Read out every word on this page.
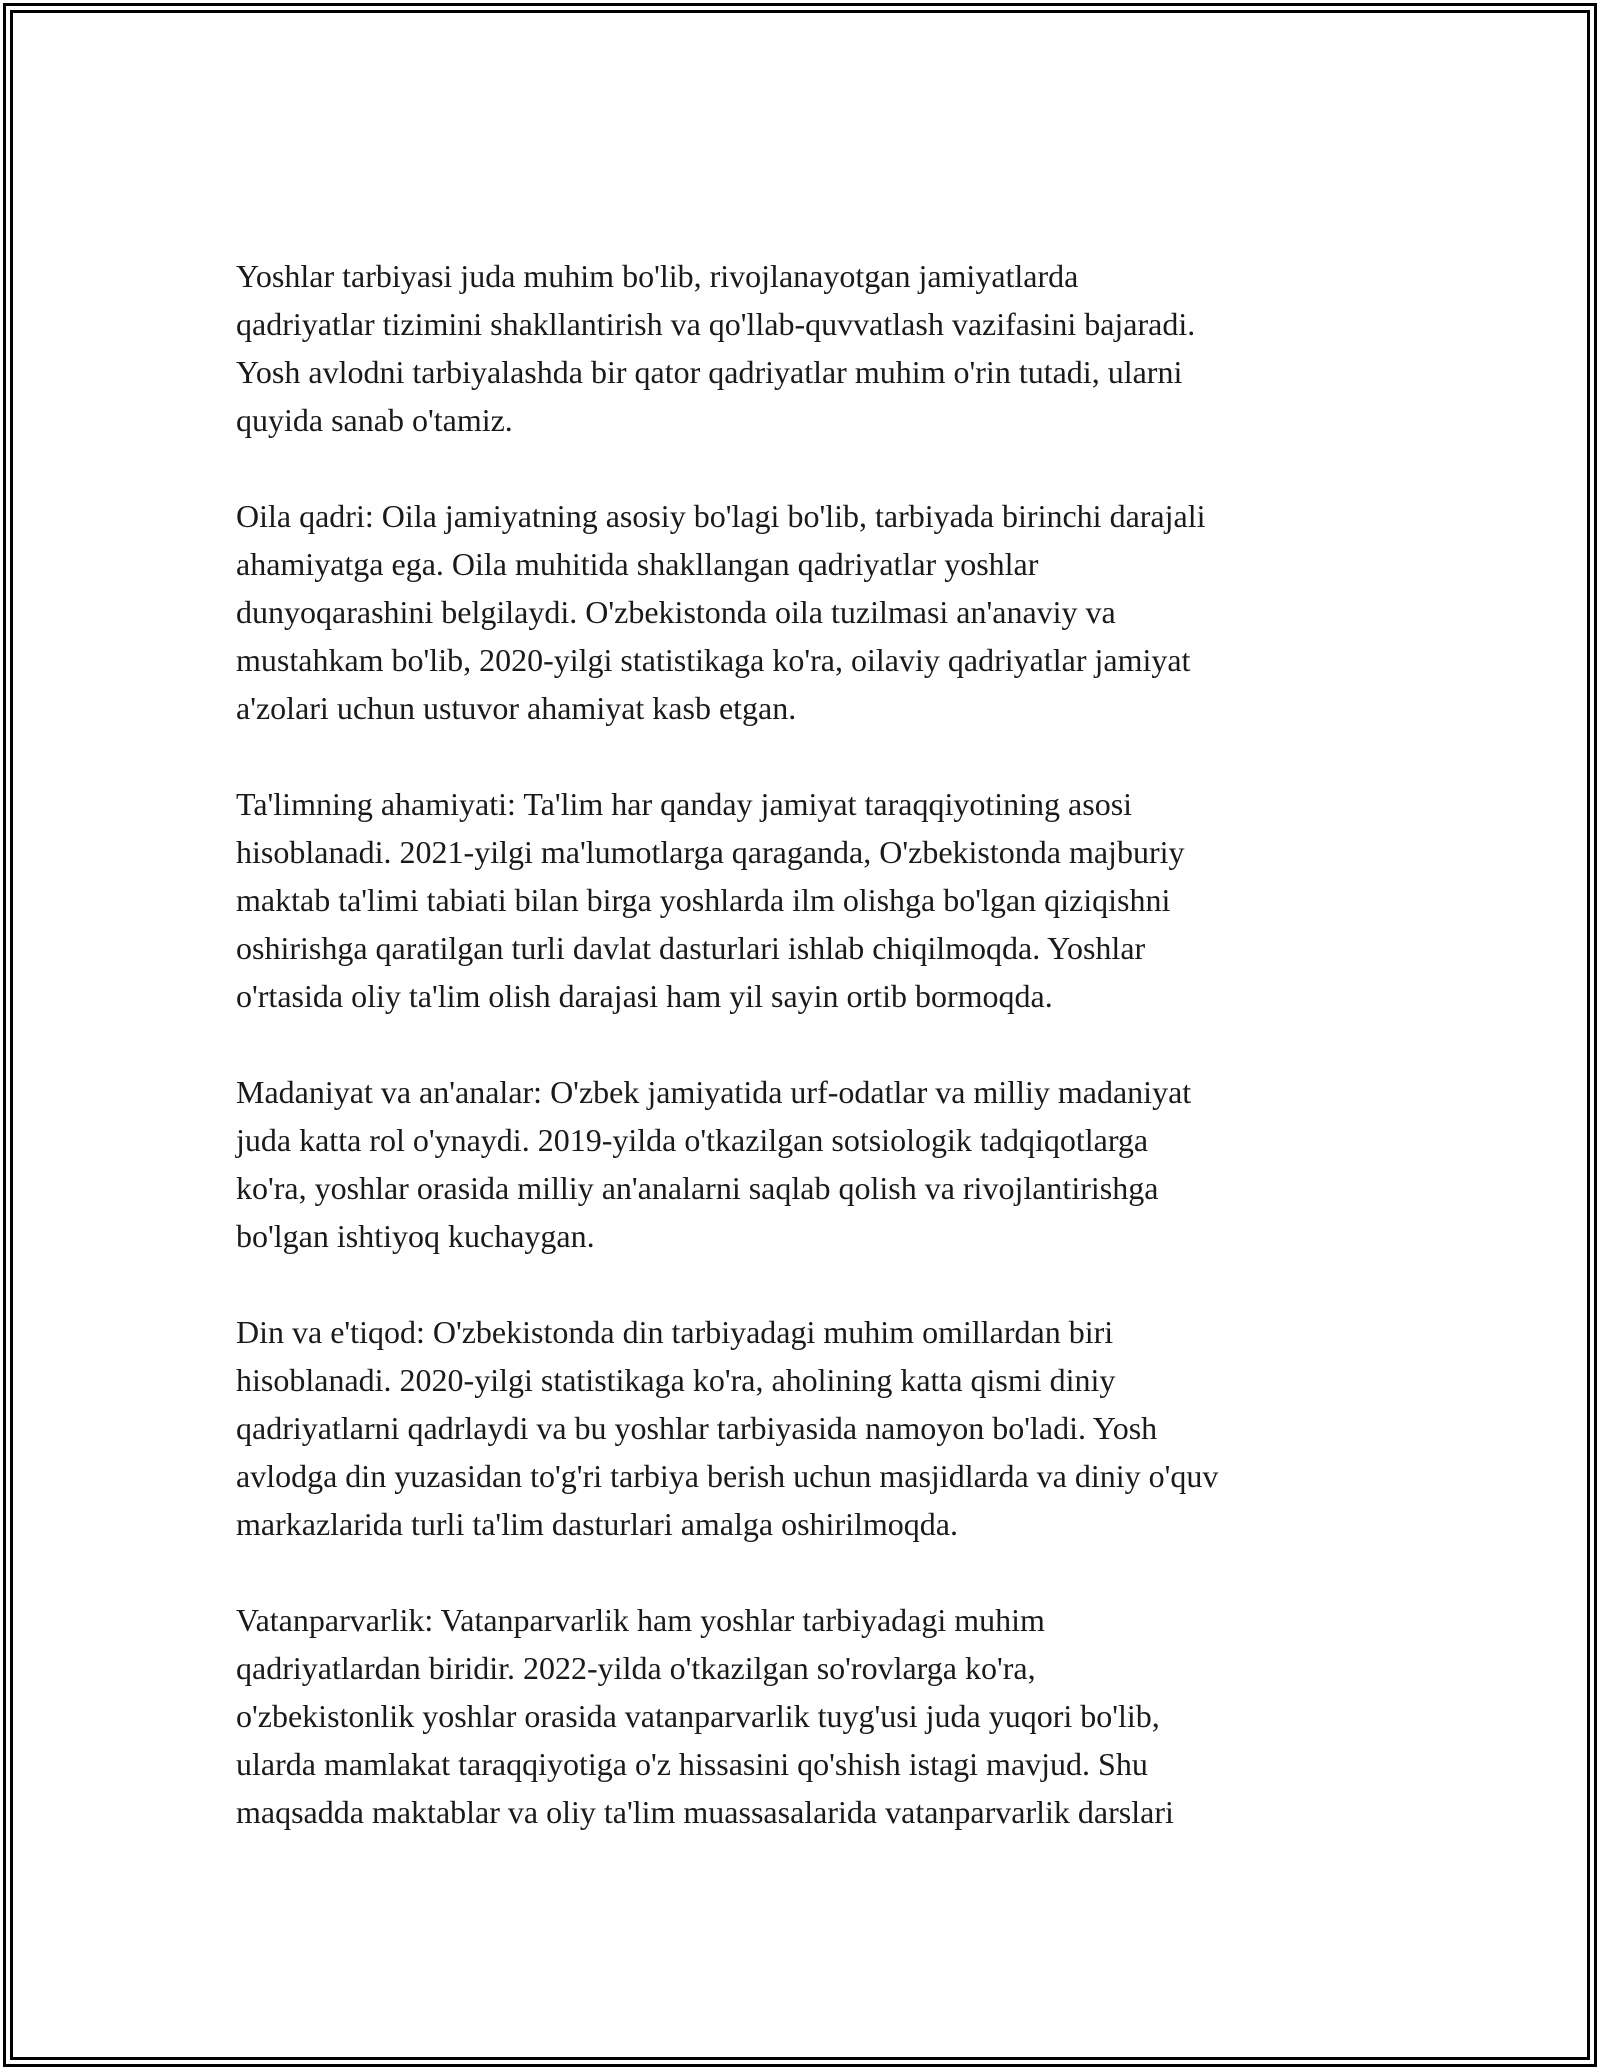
Yoshlar tarbiyasi juda muhim bo'lib, rivojlanayotgan jamiyatlarda
qadriyatlar tizimini shakllantirish va qo'llab-quvvatlash vazifasini bajaradi.
Yosh avlodni tarbiyalashda bir qator qadriyatlar muhim o'rin tutadi, ularni
quyida sanab o'tamiz.

Oila qadri: Oila jamiyatning asosiy bo'lagi bo'lib, tarbiyada birinchi darajali
ahamiyatga ega. Oila muhitida shakllangan qadriyatlar yoshlar
dunyoqarashini belgilaydi. O'zbekistonda oila tuzilmasi an'anaviy va
mustahkam bo'lib, 2020-yilgi statistikaga ko'ra, oilaviy qadriyatlar jamiyat
a'zolari uchun ustuvor ahamiyat kasb etgan.

Ta'limning ahamiyati: Ta'lim har qanday jamiyat taraqqiyotining asosi
hisoblanadi. 2021-yilgi ma'lumotlarga qaraganda, O'zbekistonda majburiy
maktab ta'limi tabiati bilan birga yoshlarda ilm olishga bo'lgan qiziqishni
oshirishga qaratilgan turli davlat dasturlari ishlab chiqilmoqda. Yoshlar
o'rtasida oliy ta'lim olish darajasi ham yil sayin ortib bormoqda.

Madaniyat va an'analar: O'zbek jamiyatida urf-odatlar va milliy madaniyat
juda katta rol o'ynaydi. 2019-yilda o'tkazilgan sotsiologik tadqiqotlarga
ko'ra, yoshlar orasida milliy an'analarni saqlab qolish va rivojlantirishga
bo'lgan ishtiyoq kuchaygan.

Din va e'tiqod: O'zbekistonda din tarbiyadagi muhim omillardan biri
hisoblanadi. 2020-yilgi statistikaga ko'ra, aholining katta qismi diniy
qadriyatlarni qadrlaydi va bu yoshlar tarbiyasida namoyon bo'ladi. Yosh
avlodga din yuzasidan to'g'ri tarbiya berish uchun masjidlarda va diniy o'quv
markazlarida turli ta'lim dasturlari amalga oshirilmoqda.

Vatanparvarlik: Vatanparvarlik ham yoshlar tarbiyadagi muhim
qadriyatlardan biridir. 2022-yilda o'tkazilgan so'rovlarga ko'ra,
o'zbekistonlik yoshlar orasida vatanparvarlik tuyg'usi juda yuqori bo'lib,
ularda mamlakat taraqqiyotiga o'z hissasini qo'shish istagi mavjud. Shu
maqsadda maktablar va oliy ta'lim muassasalarida vatanparvarlik darslari
